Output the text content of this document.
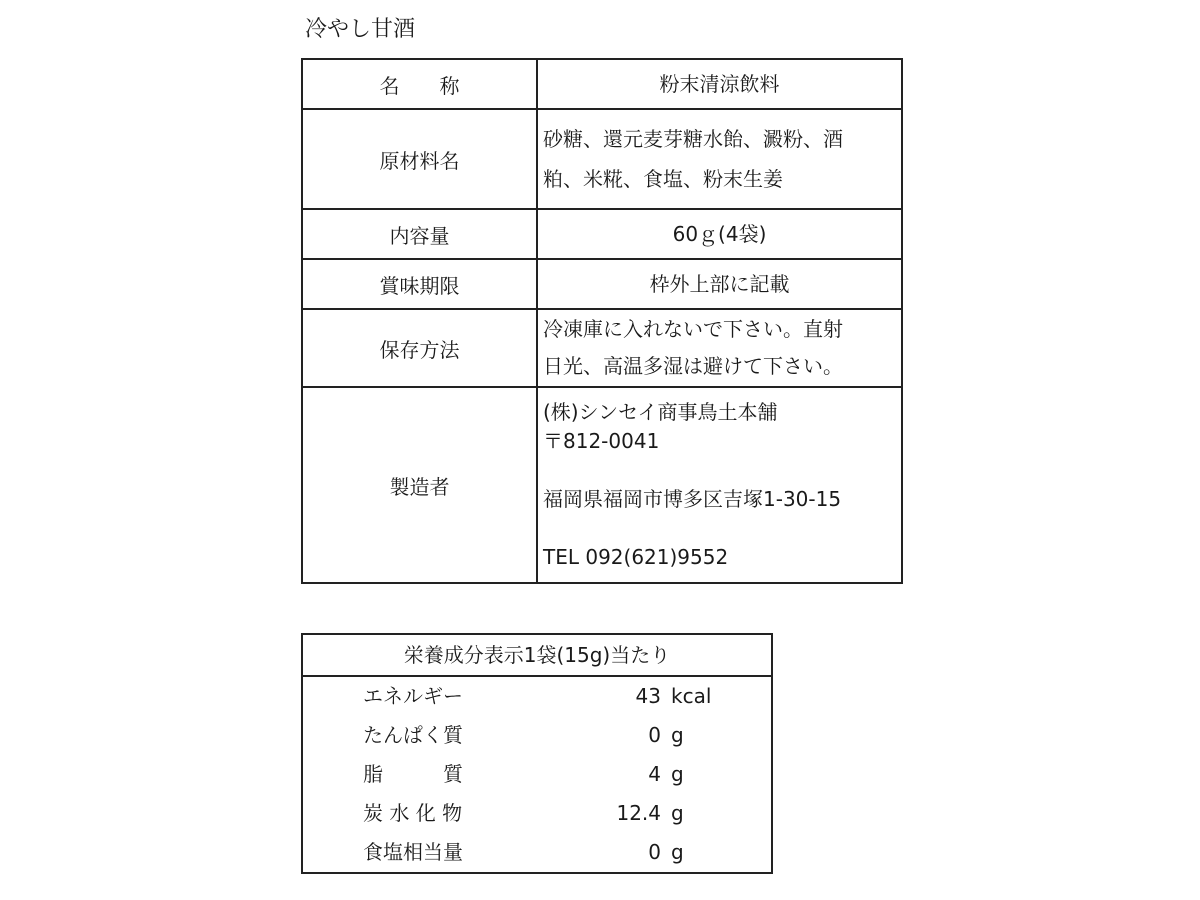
冷やし甘酒
名　　称	粉末清涼飲料
原材料名	砂糖、還元麦芽糖水飴、澱粉、酒
粕、米糀、食塩、粉末生姜

内容量	60ｇ(4袋)
賞味期限	枠外上部に記載
保存方法	冷凍庫に入れないで下さい。直射
日光、高温多湿は避けて下さい。

製造者	(株)シンセイ商事鳥土本舗
〒812-0041
福岡県福岡市博多区吉塚1-30-15
TEL 092(621)9552
栄養成分表示1袋(15g)当たり
エネルギー	43 kcal
たんぱく質	0 g
脂　　　質	4 g
炭 水 化 物	12.4 g
食塩相当量	0 g
